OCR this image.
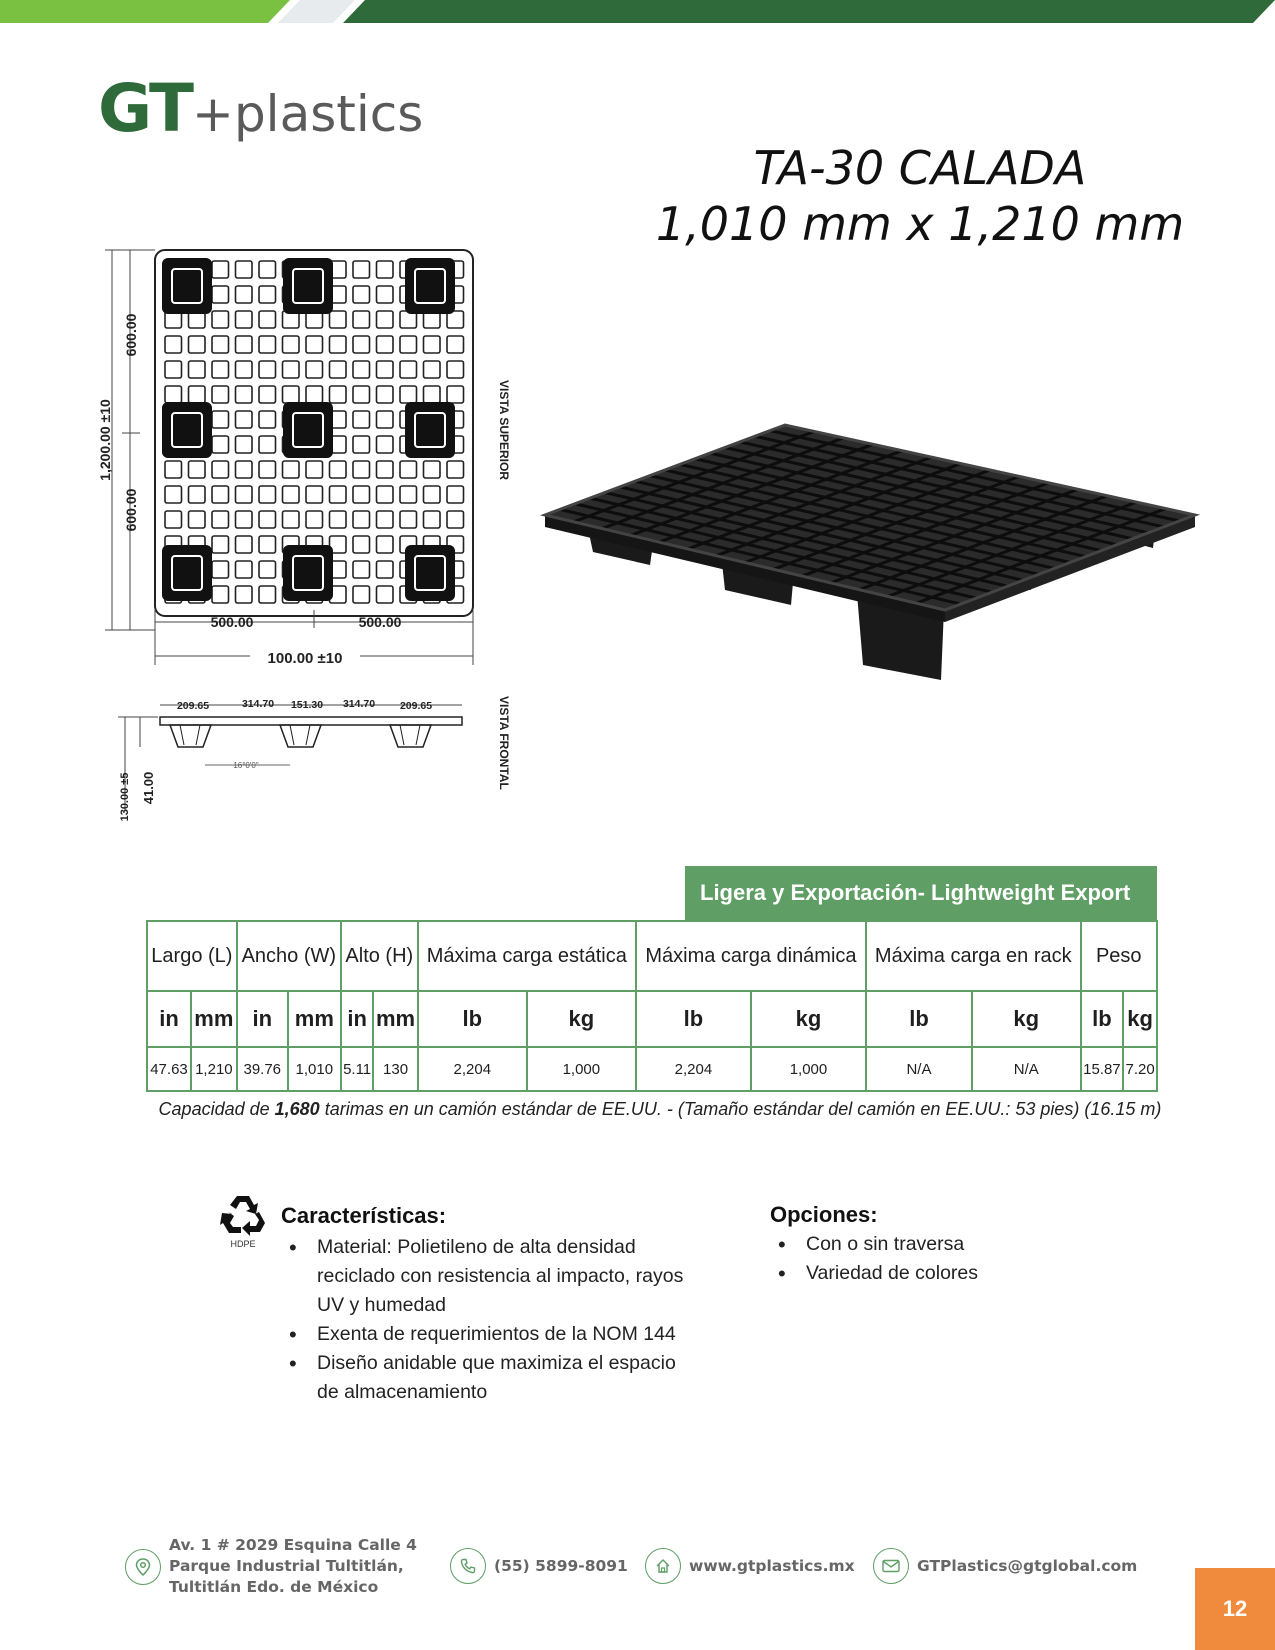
GT +plastics
TA-30 CALADA
1,010 mm x 1,210 mm
1,200.00 ±10
600.00
600.00
500.00	500.00
100.00 ±10
VISTA SUPERIOR
VISTA FRONTAL
209.65	314.70 151.30 314.70 209.65
16°0'0"
130.00 ±5 41.00
Ligera y Exportación- Lightweight Export
Largo (L)		Ancho (W)		Alto (H)		Máxima carga estática		Máxima carga dinámica		Máxima carga en rack		Peso	
in	mm	in	mm	in	mm	lb	kg	lb	kg	lb	kg	lb	kg
47.63	1,210	39.76	1,010	5.11	130	2,204	1,000	2,204	1,000	N/A	N/A	15.87	7.20
Capacidad de 1,680 tarimas en un camión estándar de EE.UU. - (Tamaño estándar del camión en EE.UU.: 53 pies) (16.15 m)
HDPE
Características:
• Material: Polietileno de alta densidad reciclado con resistencia al impacto, rayos UV y humedad
• Exenta de requerimientos de la NOM 144
• Diseño anidable que maximiza el espacio de almacenamiento
Opciones:
• Con o sin traversa
• Variedad de colores
Av. 1 # 2029 Esquina Calle 4
Parque Industrial Tultitlán,
Tultitlán Edo. de México
(55) 5899-8091	www.gtplastics.mx	GTPlastics@gtglobal.com
12
